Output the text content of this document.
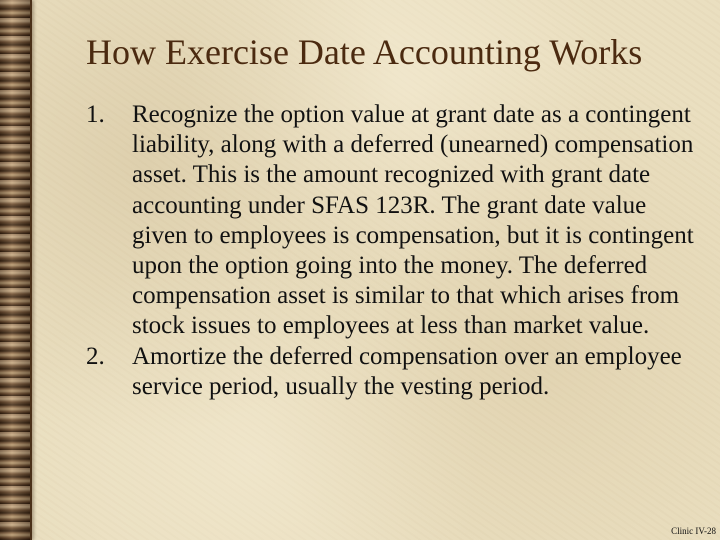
How Exercise Date Accounting Works
1.	Recognize the option value at grant date as a contingent liability, along with a deferred (unearned) compensation asset. This is the amount recognized with grant date accounting under SFAS 123R. The grant date value given to employees is compensation, but it is contingent upon the option going into the money. The deferred compensation asset is similar to that which arises from stock issues to employees at less than market value.
2.	Amortize the deferred compensation over an employee service period, usually the vesting period.
Clinic IV-28
